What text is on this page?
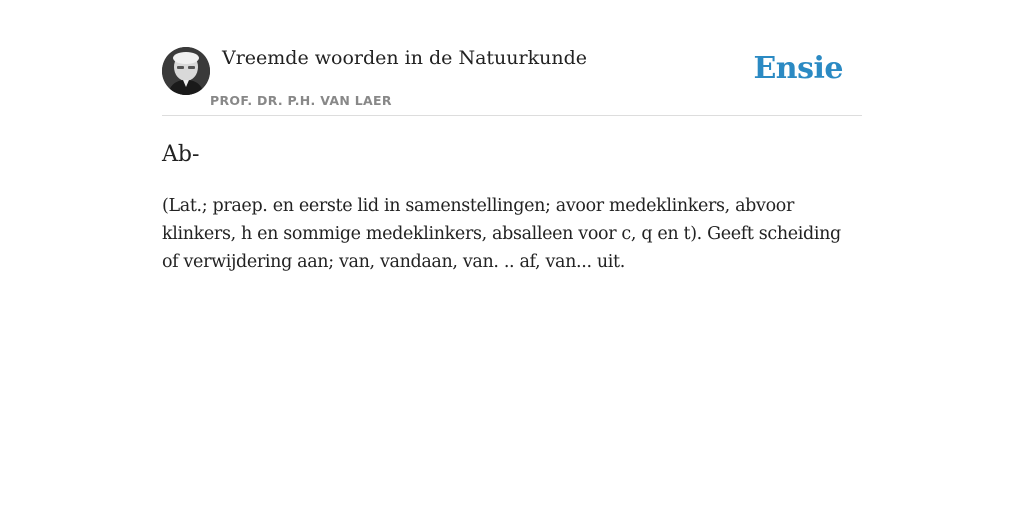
Vreemde woorden in de Natuurkunde
PROF. DR. P.H. VAN LAER
Ensie
Ab-

(Lat.; praep. en eerste lid in samenstellingen; avoor medeklinkers, abvoor klinkers, h en sommige medeklinkers, absalleen voor c, q en t). Geeft scheiding of verwijdering aan; van, vandaan, van. .. af, van... uit.
